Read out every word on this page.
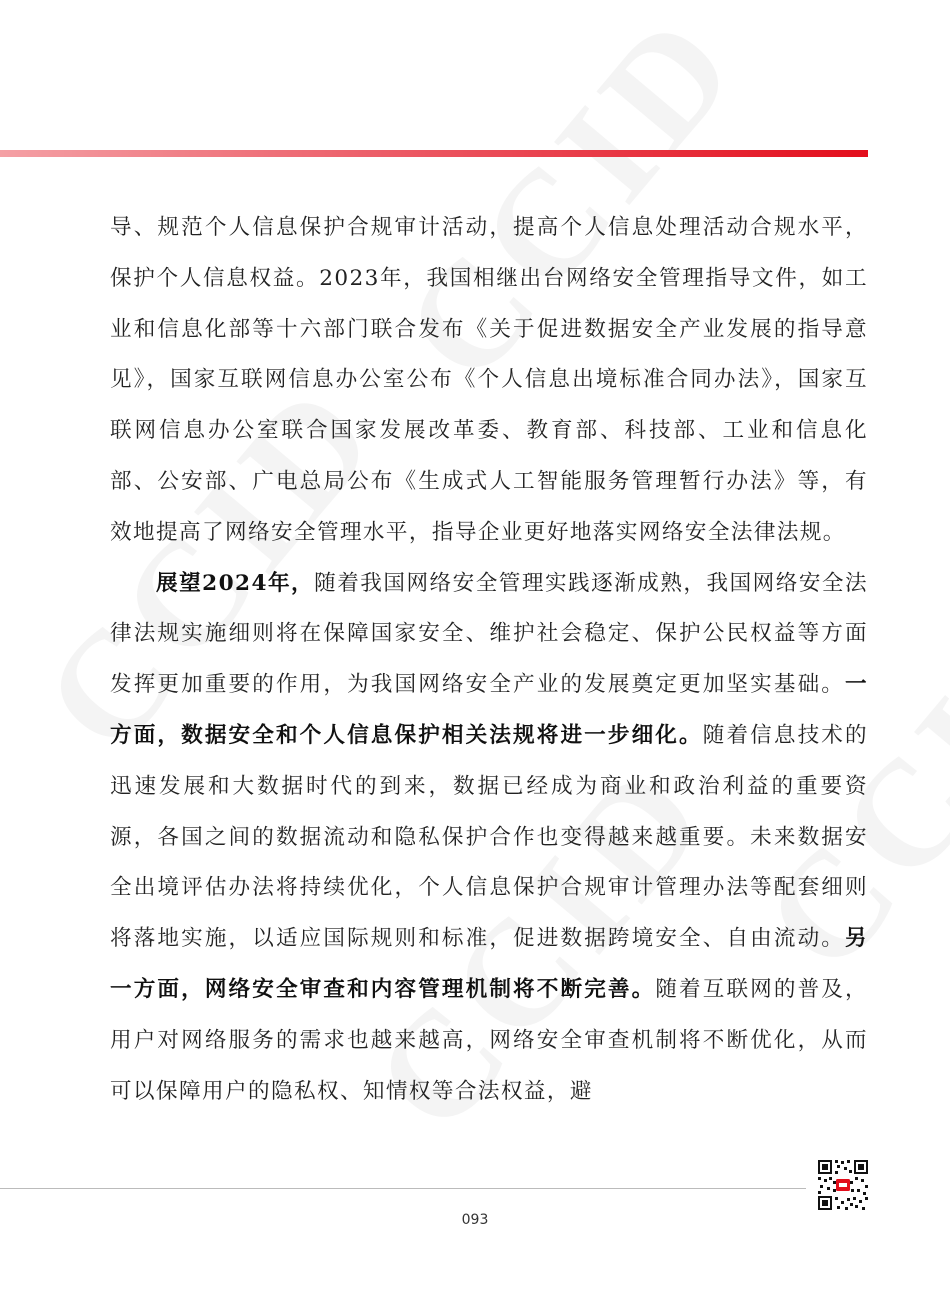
导、规范个人信息保护合规审计活动，提高个人信息处理活动合规水平，保护个人信息权益。2023年，我国相继出台网络安全管理指导文件，如工业和信息化部等十六部门联合发布《关于促进数据安全产业发展的指导意见》，国家互联网信息办公室公布《个人信息出境标准合同办法》，国家互联网信息办公室联合国家发展改革委、教育部、科技部、工业和信息化部、公安部、广电总局公布《生成式人工智能服务管理暂行办法》等，有效地提高了网络安全管理水平，指导企业更好地落实网络安全法律法规。

展望2024年，随着我国网络安全管理实践逐渐成熟，我国网络安全法律法规实施细则将在保障国家安全、维护社会稳定、保护公民权益等方面发挥更加重要的作用，为我国网络安全产业的发展奠定更加坚实基础。一方面，数据安全和个人信息保护相关法规将进一步细化。随着信息技术的迅速发展和大数据时代的到来，数据已经成为商业和政治利益的重要资源，各国之间的数据流动和隐私保护合作也变得越来越重要。未来数据安全出境评估办法将持续优化，个人信息保护合规审计管理办法等配套细则将落地实施，以适应国际规则和标准，促进数据跨境安全、自由流动。另一方面，网络安全审查和内容管理机制将不断完善。随着互联网的普及，用户对网络服务的需求也越来越高，网络安全审查机制将不断优化，从而可以保障用户的隐私权、知情权等合法权益，避

093
